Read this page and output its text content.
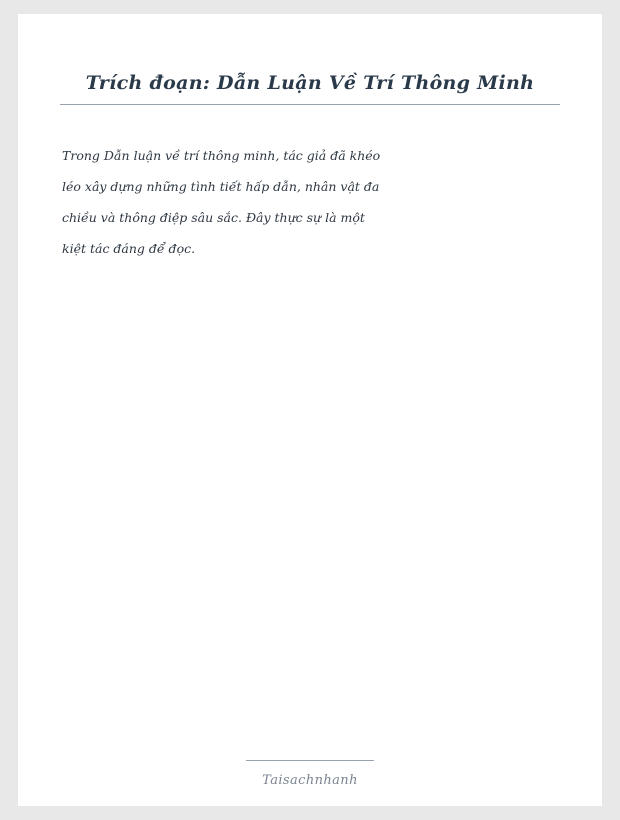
Trích đoạn: Dẫn Luận Về Trí Thông Minh
Trong Dẫn luận về trí thông minh, tác giả đã khéo
léo xây dựng những tình tiết hấp dẫn, nhân vật đa
chiều và thông điệp sâu sắc. Đây thực sự là một
kiệt tác đáng để đọc.
Taisachnhanh
